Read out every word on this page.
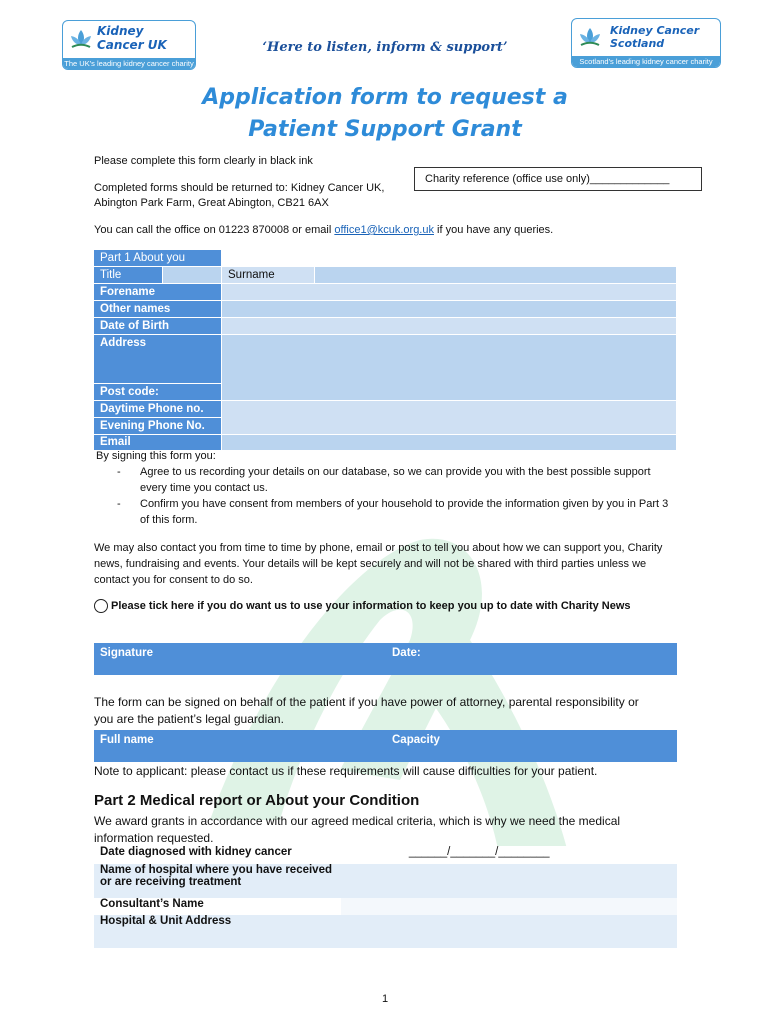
Kidney
Cancer UK
The UK's leading kidney cancer charity
‘Here to listen, inform & support’
Kidney Cancer
Scotland
Scotland's leading kidney cancer charity
Application form to request a
Patient Support Grant
Please complete this form clearly in black ink
Completed forms should be returned to: Kidney Cancer UK, Abington Park Farm, Great Abington, CB21 6AX
Charity reference (office use only)_____________
You can call the office on 01223 870008 or email office1@kcuk.org.uk if you have any queries.
Part 1 About you			
Title		Surname	
Forename			
Other names			
Date of Birth			
Address			
Post code:			
Daytime Phone no.			
Evening Phone No.			
Email			
By signing this form you:
- Agree to us recording your details on our database, so we can provide you with the best possible support every time you contact us.
- Confirm you have consent from members of your household to provide the information given by you in Part 3 of this form.
We may also contact you from time to time by phone, email or post to tell you about how we can support you, Charity news, fundraising and events. Your details will be kept securely and will not be shared with third parties unless we contact you for consent to do so.
Please tick here if you do want us to use your information to keep you up to date with Charity News
Signature	Date:
The form can be signed on behalf of the patient if you have power of attorney, parental responsibility or you are the patient’s legal guardian.
Full name	Capacity
Note to applicant: please contact us if these requirements will cause difficulties for your patient.
Part 2 Medical report or About your Condition
We award grants in accordance with our agreed medical criteria, which is why we need the medical information requested.
Date diagnosed with kidney cancer	______/_______/________
Name of hospital where you have received or are receiving treatment	
Consultant’s Name	
Hospital & Unit Address	
1
